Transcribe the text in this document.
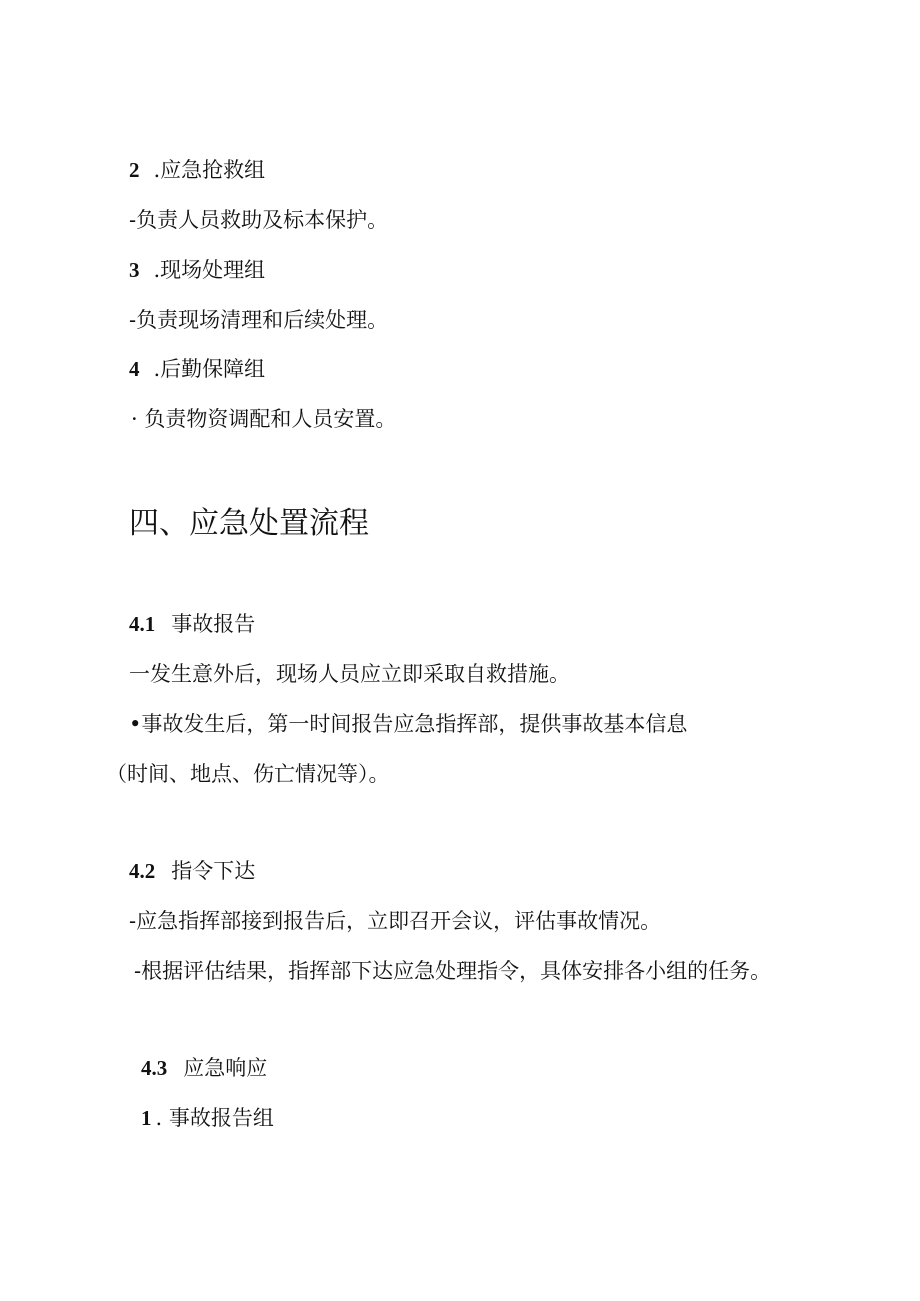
2 .应急抢救组
-负责人员救助及标本保护。
3 .现场处理组
-负责现场清理和后续处理。
4 .后勤保障组
· 负责物资调配和人员安置。
四、应急处置流程
4.1 事故报告
一发生意外后，现场人员应立即采取自救措施。
•事故发生后，第一时间报告应急指挥部，提供事故基本信息
（时间、地点、伤亡情况等）。
4.2 指令下达
-应急指挥部接到报告后，立即召开会议，评估事故情况。
-根据评估结果，指挥部下达应急处理指令，具体安排各小组的任务。
4.3 应急响应
1 . 事故报告组
